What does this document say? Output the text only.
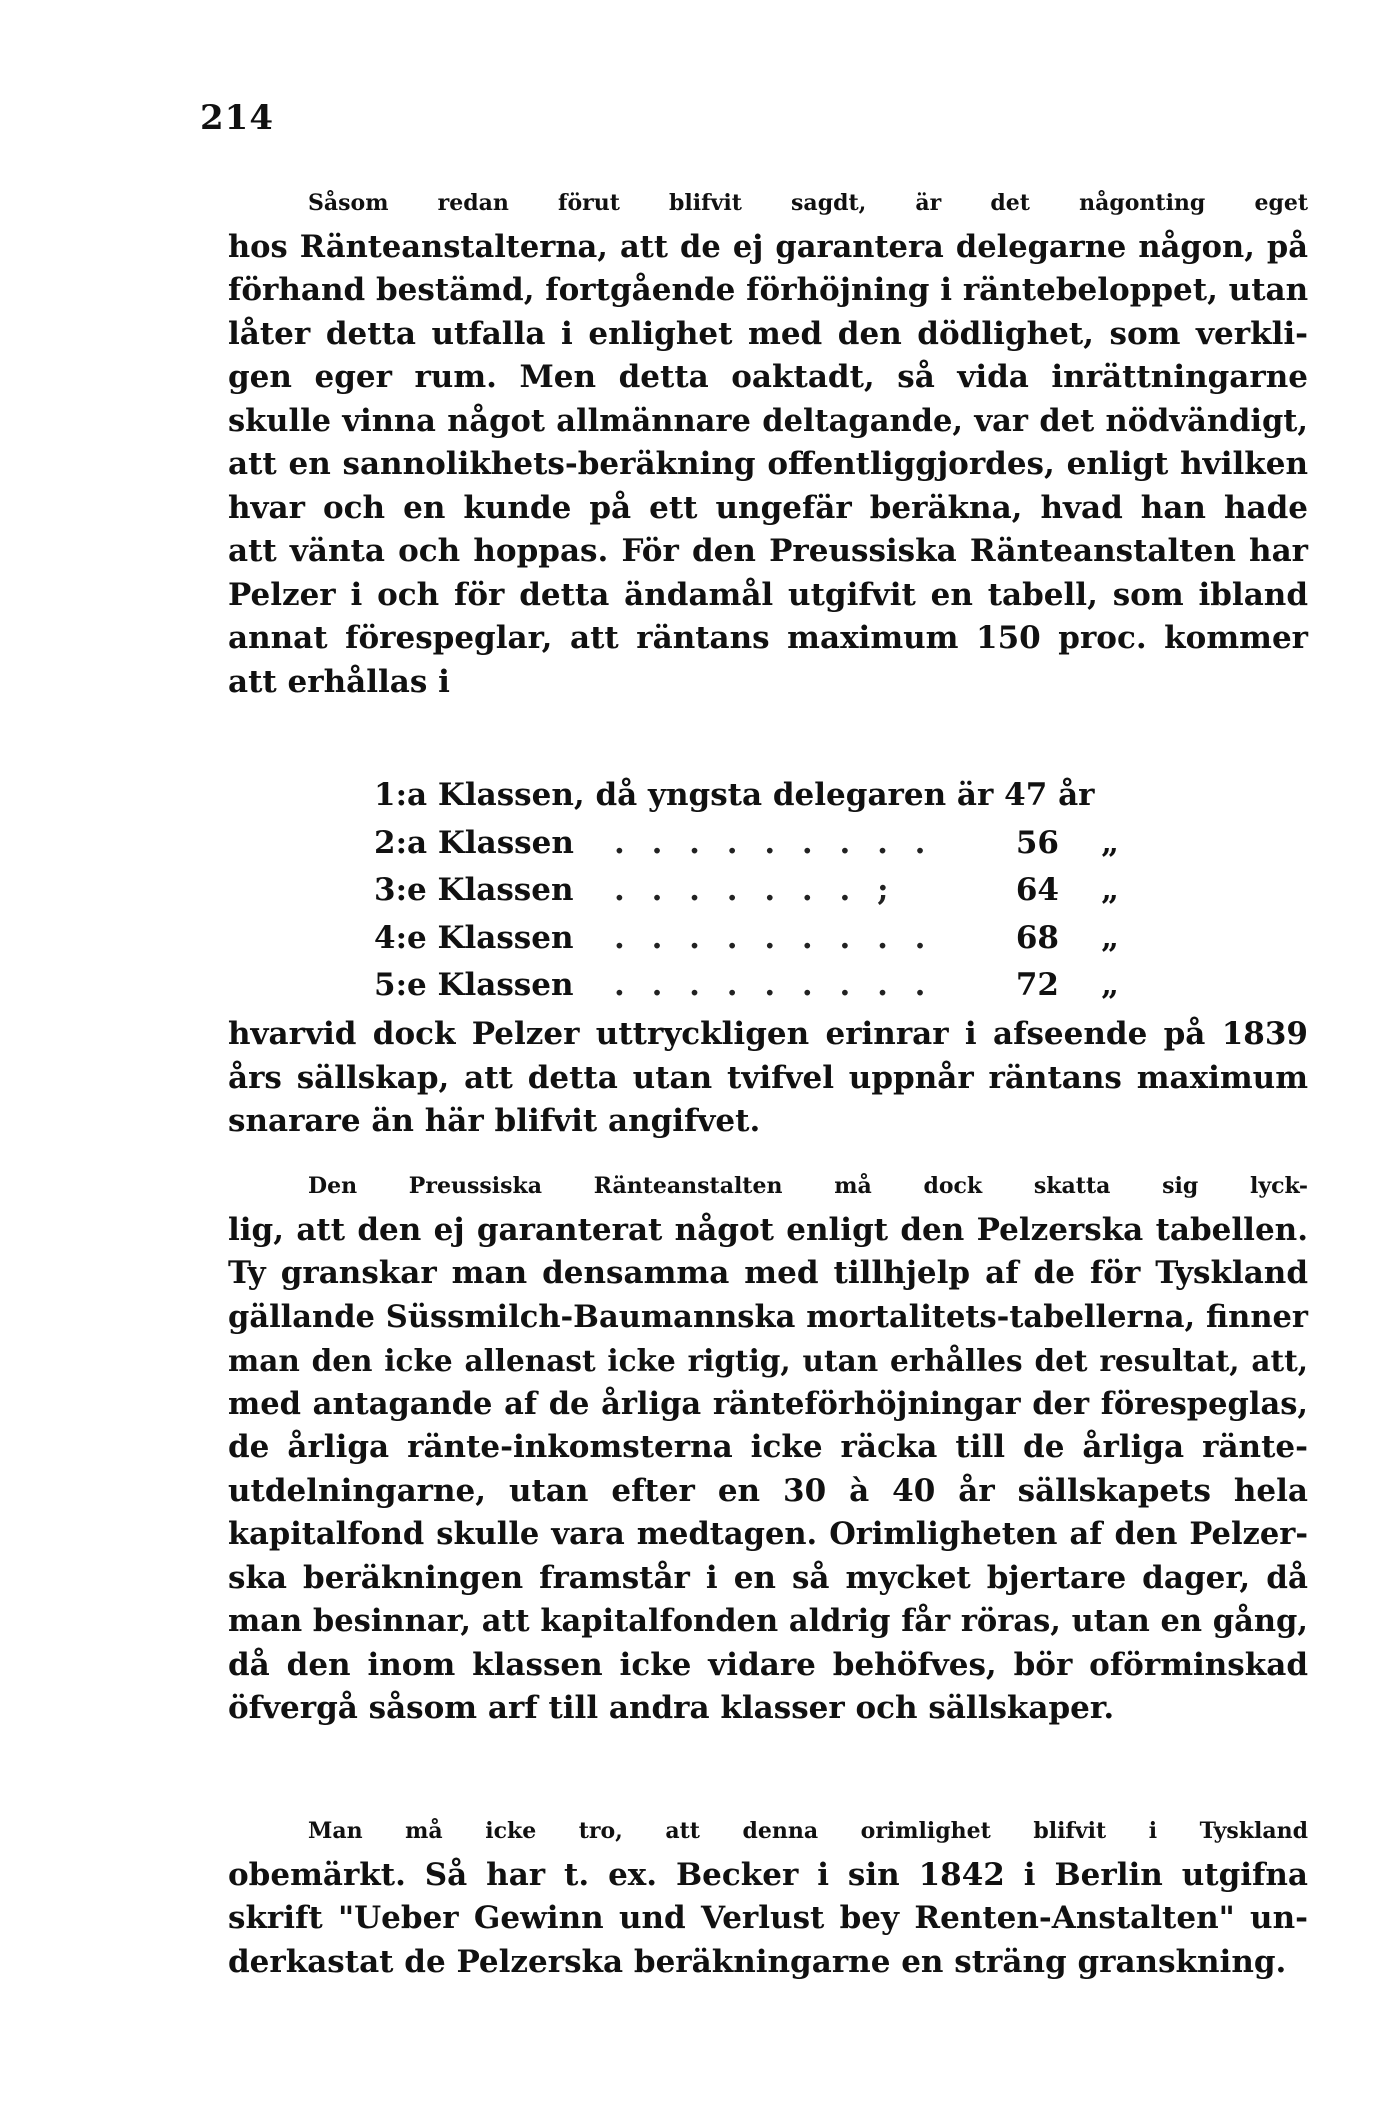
214
Såsom redan förut blifvit sagdt, är det någonting eget
hos Ränteanstalterna, att de ej garantera delegarne någon, på
förhand bestämd, fortgående förhöjning i räntebeloppet, utan
låter detta utfalla i enlighet med den dödlighet, som verkli-
gen eger rum. Men detta oaktadt, så vida inrättningarne
skulle vinna något allmännare deltagande, var det nödvändigt,
att en sannolikhets-beräkning offentliggjordes, enligt hvilken
hvar och en kunde på ett ungefär beräkna, hvad han hade
att vänta och hoppas. För den Preussiska Ränteanstalten har
Pelzer i och för detta ändamål utgifvit en tabell, som ibland
annat förespeglar, att räntans maximum 150 proc. kommer
att erhållas i
1:a Klassen, då yngsta delegaren är 47 år
2:a Klassen	. . . . . . . . .	56	„
3:e Klassen	. . . . . . . ;	64	„
4:e Klassen	. . . . . . . . .	68	„
5:e Klassen	. . . . . . . . .	72	„
hvarvid dock Pelzer uttryckligen erinrar i afseende på 1839
års sällskap, att detta utan tvifvel uppnår räntans maximum
snarare än här blifvit angifvet.
Den Preussiska Ränteanstalten må dock skatta sig lyck-
lig, att den ej garanterat något enligt den Pelzerska tabellen.
Ty granskar man densamma med tillhjelp af de för Tyskland
gällande Süssmilch-Baumannska mortalitets-tabellerna, finner
man den icke allenast icke rigtig, utan erhålles det resultat, att,
med antagande af de årliga ränteförhöjningar der förespeglas,
de årliga ränte-inkomsterna icke räcka till de årliga ränte-
utdelningarne, utan efter en 30 à 40 år sällskapets hela
kapitalfond skulle vara medtagen. Orimligheten af den Pelzer-
ska beräkningen framstår i en så mycket bjertare dager, då
man besinnar, att kapitalfonden aldrig får röras, utan en gång,
då den inom klassen icke vidare behöfves, bör oförminskad
öfvergå såsom arf till andra klasser och sällskaper.
Man må icke tro, att denna orimlighet blifvit i Tyskland
obemärkt. Så har t. ex. Becker i sin 1842 i Berlin utgifna
skrift "Ueber Gewinn und Verlust bey Renten-Anstalten" un-
derkastat de Pelzerska beräkningarne en sträng granskning.
